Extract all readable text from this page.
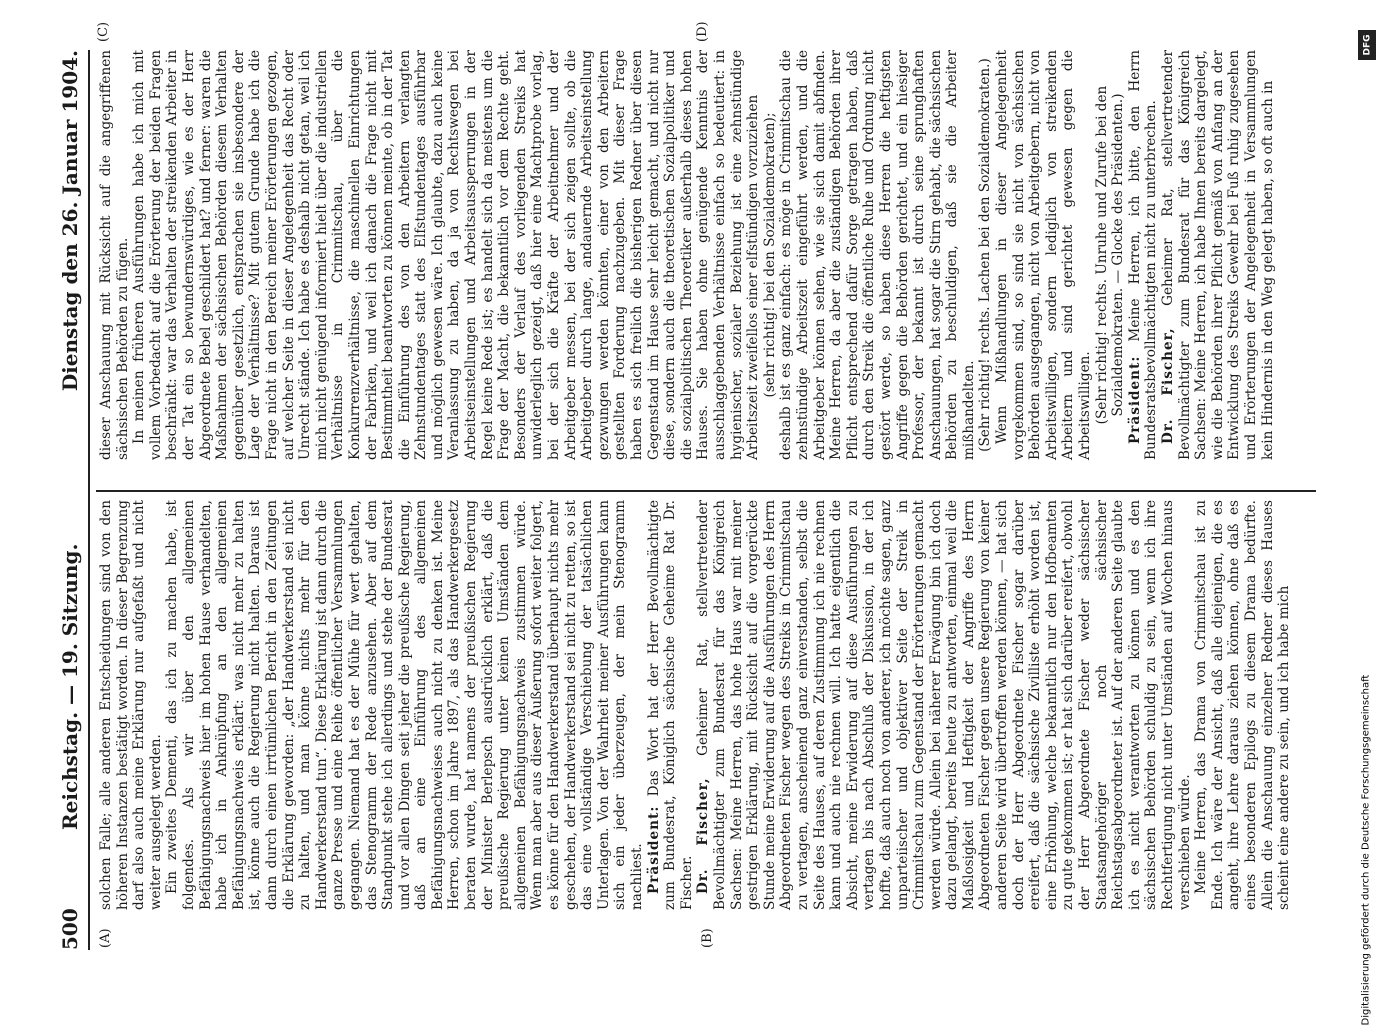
500
Reichstag. — 19. Sitzung.
Dienstag den 26. Januar 1904.
(A)	(B)
(C)	(D)

solchen Falle; alle anderen Entscheidungen sind von den höheren Instanzen bestätigt worden. In dieser Begrenzung darf also auch meine Erklärung nur aufgefaßt und nicht weiter ausgelegt werden. Ein zweites Dementi, das ich zu machen habe, ist folgendes. Als wir über den allgemeinen Befähigungsnachweis hier im hohen Hause verhandelten, habe ich in Anknüpfung an den allgemeinen Befähigungsnachweis erklärt: was nicht mehr zu halten ist, könne auch die Regierung nicht halten. Daraus ist dann durch einen irrtümlichen Bericht in den Zeitungen die Erklärung geworden: „der Handwerkerstand sei nicht zu halten, und man könne nichts mehr für den Handwerkerstand tun“. Diese Erklärung ist dann durch die ganze Presse und eine Reihe öffentlicher Versammlungen gegangen. Niemand hat es der Mühe für wert gehalten, das Stenogramm der Rede anzusehen. Aber auf dem Standpunkt stehe ich allerdings und stehe der Bundesrat und vor allen Dingen seit jeher die preußische Regierung, daß an eine Einführung des allgemeinen Befähigungsnachweises auch nicht zu denken ist. Meine Herren, schon im Jahre 1897, als das Handwerkergesetz beraten wurde, hat namens der preußischen Regierung der Minister Berlepsch ausdrücklich erklärt, daß die preußische Regierung unter keinen Umständen dem allgemeinen Befähigungsnachweis zustimmen würde. Wenn man aber aus dieser Äußerung sofort weiter folgert, es könne für den Handwerkerstand überhaupt nichts mehr geschehen, der Handwerkerstand sei nicht zu retten, so ist das eine vollständige Verschiebung der tatsächlichen Unterlagen. Von der Wahrheit meiner Ausführungen kann sich ein jeder überzeugen, der mein Stenogramm nachliest. Präsident: Das Wort hat der Herr Bevollmächtigte zum Bundesrat, Königlich sächsische Geheime Rat Dr. Fischer. Dr. Fischer, Geheimer Rat, stellvertretender Bevollmächtigter zum Bundesrat für das Königreich Sachsen: Meine Herren, das hohe Haus war mit meiner gestrigen Erklärung, mit Rücksicht auf die vorgerückte Stunde meine Erwiderung auf die Ausführungen des Herrn Abgeordneten Fischer wegen des Streiks in Crimmitschau zu vertagen, anscheinend ganz einverstanden, selbst die Seite des Hauses, auf deren Zustimmung ich nie rechnen kann und auch nie rechnen will. Ich hatte eigentlich die Absicht, meine Erwiderung auf diese Ausführungen zu vertagen bis nach Abschluß der Diskussion, in der ich hoffte, daß auch noch von anderer, ich möchte sagen, ganz unparteiischer und objektiver Seite der Streik in Crimmitschau zum Gegenstand der Erörterungen gemacht werden würde. Allein bei näherer Erwägung bin ich doch dazu gelangt, bereits heute zu antworten, einmal weil die Maßlosigkeit und Heftigkeit der Angriffe des Herrn Abgeordneten Fischer gegen unsere Regierung von keiner anderen Seite wird übertroffen werden können, — hat sich doch der Herr Abgeordnete Fischer sogar darüber ereifert, daß die sächsische Zivilliste erhöht worden ist, eine Erhöhung, welche bekanntlich nur den Hofbeamten zu gute gekommen ist; er hat sich darüber ereifert, obwohl der Herr Abgeordnete Fischer weder sächsischer Staatsangehöriger noch sächsischer Reichstagsabgeordneter ist. Auf der anderen Seite glaubte ich es nicht verantworten zu können und es den sächsischen Behörden schuldig zu sein, wenn ich ihre Rechtfertigung nicht unter Umständen auf Wochen hinaus verschieben würde. Meine Herren, das Drama von Crimmitschau ist zu Ende. Ich wäre der Ansicht, daß alle diejenigen, die es angeht, ihre Lehre daraus ziehen können, ohne daß es eines besonderen Epilogs zu diesem Drama bedürfte. Allein die Anschauung einzelner Redner dieses Hauses scheint eine andere zu sein, und ich habe mich

dieser Anschauung mit Rücksicht auf die angegriffenen sächsischen Behörden zu fügen. In meinen früheren Ausführungen habe ich mich mit vollem Vorbedacht auf die Erörterung der beiden Fragen beschränkt: war das Verhalten der streikenden Arbeiter in der Tat ein so bewundernswürdiges, wie es der Herr Abgeordnete Bebel geschildert hat? und ferner: waren die Maßnahmen der sächsischen Behörden diesem Verhalten gegenüber gesetzlich, entsprachen sie insbesondere der Lage der Verhältnisse? Mit gutem Grunde habe ich die Frage nicht in den Bereich meiner Erörterungen gezogen, auf welcher Seite in dieser Angelegenheit das Recht oder Unrecht stände. Ich habe es deshalb nicht getan, weil ich mich nicht genügend informiert hielt über die industriellen Verhältnisse in Crimmitschau, über die Konkurrenzverhältnisse, die maschinellen Einrichtungen der Fabriken, und weil ich danach die Frage nicht mit Bestimmtheit beantworten zu können meinte, ob in der Tat die Einführung des von den Arbeitern verlangten Zehnstundentages statt des Elfstundentages ausführbar und möglich gewesen wäre. Ich glaubte, dazu auch keine Veranlassung zu haben, da ja von Rechtswegen bei Arbeitseinstellungen und Arbeitsaussperrungen in der Regel keine Rede ist; es handelt sich da meistens um die Frage der Macht, die bekanntlich vor dem Rechte geht. Besonders der Verlauf des vorliegenden Streiks hat unwiderleglich gezeigt, daß hier eine Machtprobe vorlag, bei der sich die Kräfte der Arbeitnehmer und der Arbeitgeber messen, bei der sich zeigen sollte, ob die Arbeitgeber durch lange, andauernde Arbeitseinstellung gezwungen werden könnten, einer von den Arbeitern gestellten Forderung nachzugeben. Mit dieser Frage haben es sich freilich die bisherigen Redner über diesen Gegenstand im Hause sehr leicht gemacht, und nicht nur diese, sondern auch die theoretischen Sozialpolitiker und die sozialpolitischen Theoretiker außerhalb dieses hohen Hauses. Sie haben ohne genügende Kenntnis der ausschlaggebenden Verhältnisse einfach so bedeutiert: in hygienischer, sozialer Beziehung ist eine zehnstündige Arbeitszeit zweifellos einer elfstündigen vorzuziehen (sehr richtig! bei den Sozialdemokraten); deshalb ist es ganz einfach: es möge in Crimmitschau die zehnstündige Arbeitszeit eingeführt werden, und die Arbeitgeber können sehen, wie sie sich damit abfinden. Meine Herren, da aber die zuständigen Behörden ihrer Pflicht entsprechend dafür Sorge getragen haben, daß durch den Streik die öffentliche Ruhe und Ordnung nicht gestört werde, so haben diese Herren die heftigsten Angriffe gegen die Behörden gerichtet, und ein hiesiger Professor, der bekannt ist durch seine sprunghaften Anschauungen, hat sogar die Stirn gehabt, die sächsischen Behörden zu beschuldigen, daß sie die Arbeiter mißhandelten. (Sehr richtig! rechts. Lachen bei den Sozialdemokraten.) Wenn Mißhandlungen in dieser Angelegenheit vorgekommen sind, so sind sie nicht von sächsischen Behörden ausgegangen, nicht von Arbeitgebern, nicht von Arbeitswilligen, sondern lediglich von streikenden Arbeitern und sind gerichtet gewesen gegen die Arbeitswilligen. (Sehr richtig! rechts. Unruhe und Zurufe bei den Sozialdemokraten. — Glocke des Präsidenten.) Präsident: Meine Herren, ich bitte, den Herrn Bundesratsbevollmächtigten nicht zu unterbrechen. Dr. Fischer, Geheimer Rat, stellvertretender Bevollmächtigter zum Bundesrat für das Königreich Sachsen: Meine Herren, ich habe Ihnen bereits dargelegt, wie die Behörden ihrer Pflicht gemäß von Anfang an der Entwicklung des Streiks Gewehr bei Fuß ruhig zugesehen und Erörterungen der Angelegenheit in Versammlungen kein Hindernis in den Weg gelegt haben, so oft auch in

DFG
Digitalisierung gefördert durch die Deutsche Forschungsgemeinschaft
